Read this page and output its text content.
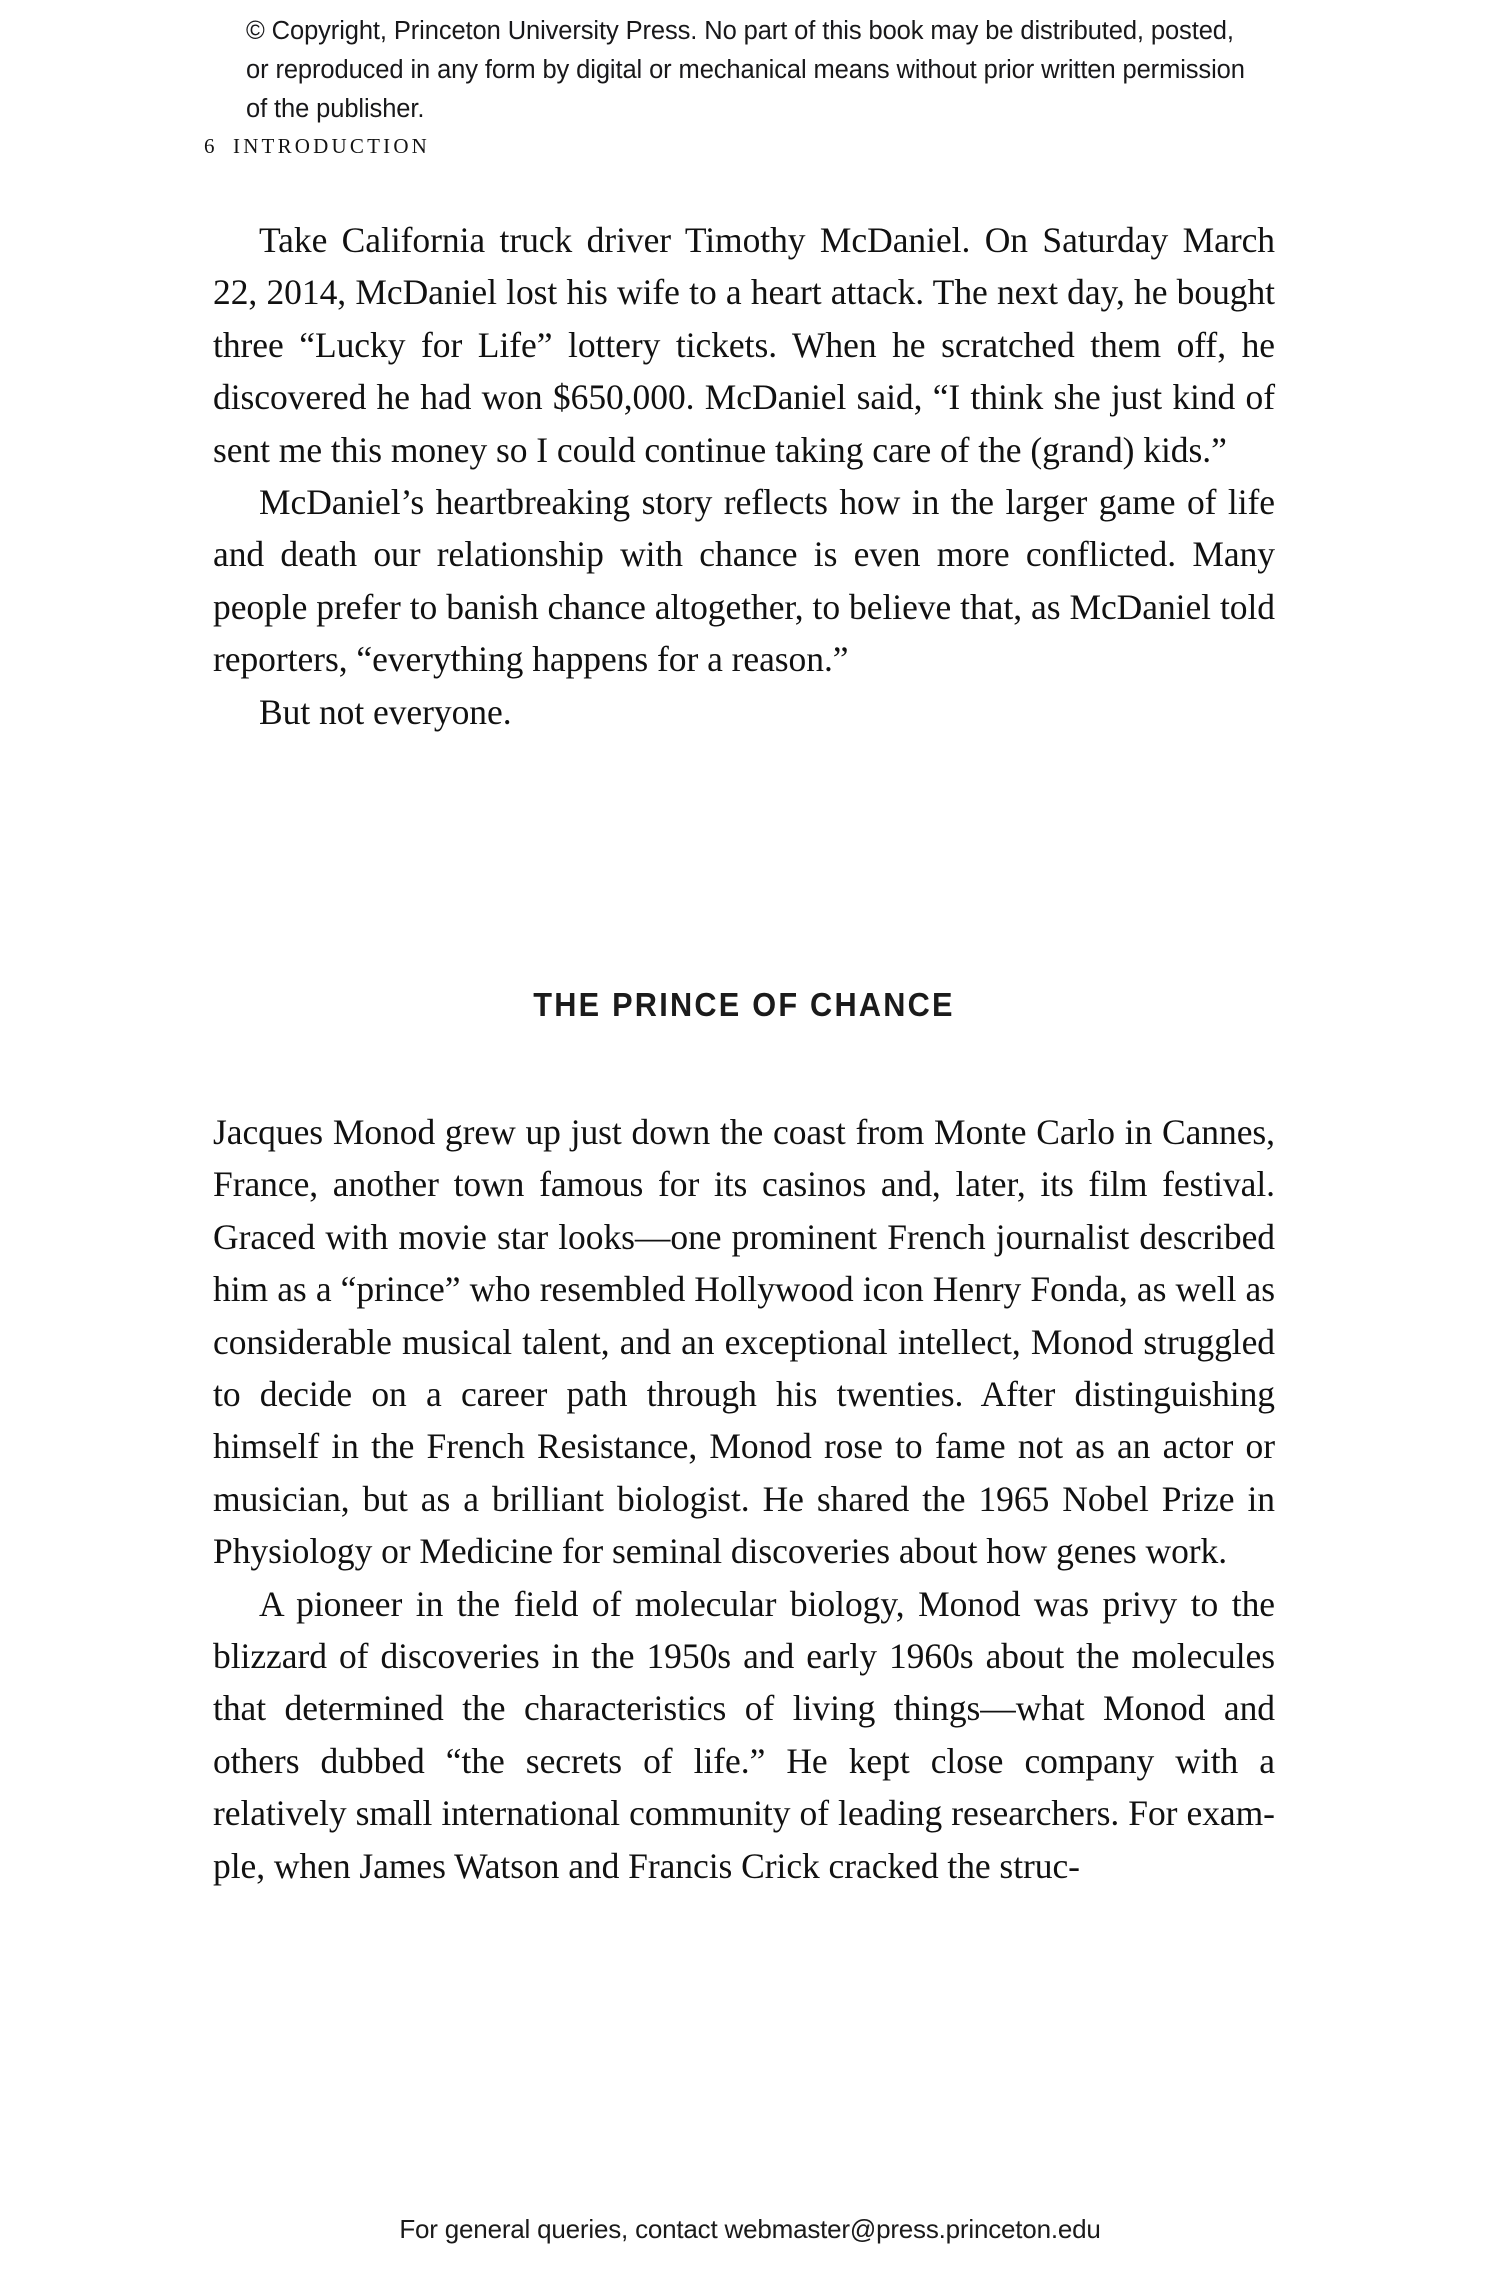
© Copyright, Princeton University Press. No part of this book may be distributed, posted, or reproduced in any form by digital or mechanical means without prior written permission of the publisher.
6 INTRODUCTION

Take California truck driver Timothy McDaniel. On Saturday March 22, 2014, McDaniel lost his wife to a heart attack. The next day, he bought three “Lucky for Life” lottery tickets. When he scratched them off, he discovered he had won $650,000. McDaniel said, “I think she just kind of sent me this money so I could continue taking care of the (grand) kids.”

McDaniel’s heartbreaking story reflects how in the larger game of life and death our relationship with chance is even more conflicted. Many people prefer to banish chance altogether, to believe that, as McDaniel told reporters, “everything happens for a reason.”

But not everyone.

THE PRINCE OF CHANCE

Jacques Monod grew up just down the coast from Monte Carlo in Cannes, France, another town famous for its casinos and, later, its film festival. Graced with movie star looks—one prominent French journalist described him as a “prince” who resembled Hollywood icon Henry Fonda, as well as considerable musical talent, and an exceptional intellect, Monod struggled to decide on a career path through his twenties. After distinguishing himself in the French Resistance, Monod rose to fame not as an actor or musician, but as a brilliant biologist. He shared the 1965 Nobel Prize in Physiology or Medicine for seminal discoveries about how genes work.

A pioneer in the field of molecular biology, Monod was privy to the blizzard of discoveries in the 1950s and early 1960s about the molecules that determined the characteristics of living things—what Monod and others dubbed “the secrets of life.” He kept close company with a relatively small international community of leading researchers. For example, when James Watson and Francis Crick cracked the struc-

For general queries, contact webmaster@press.princeton.edu
